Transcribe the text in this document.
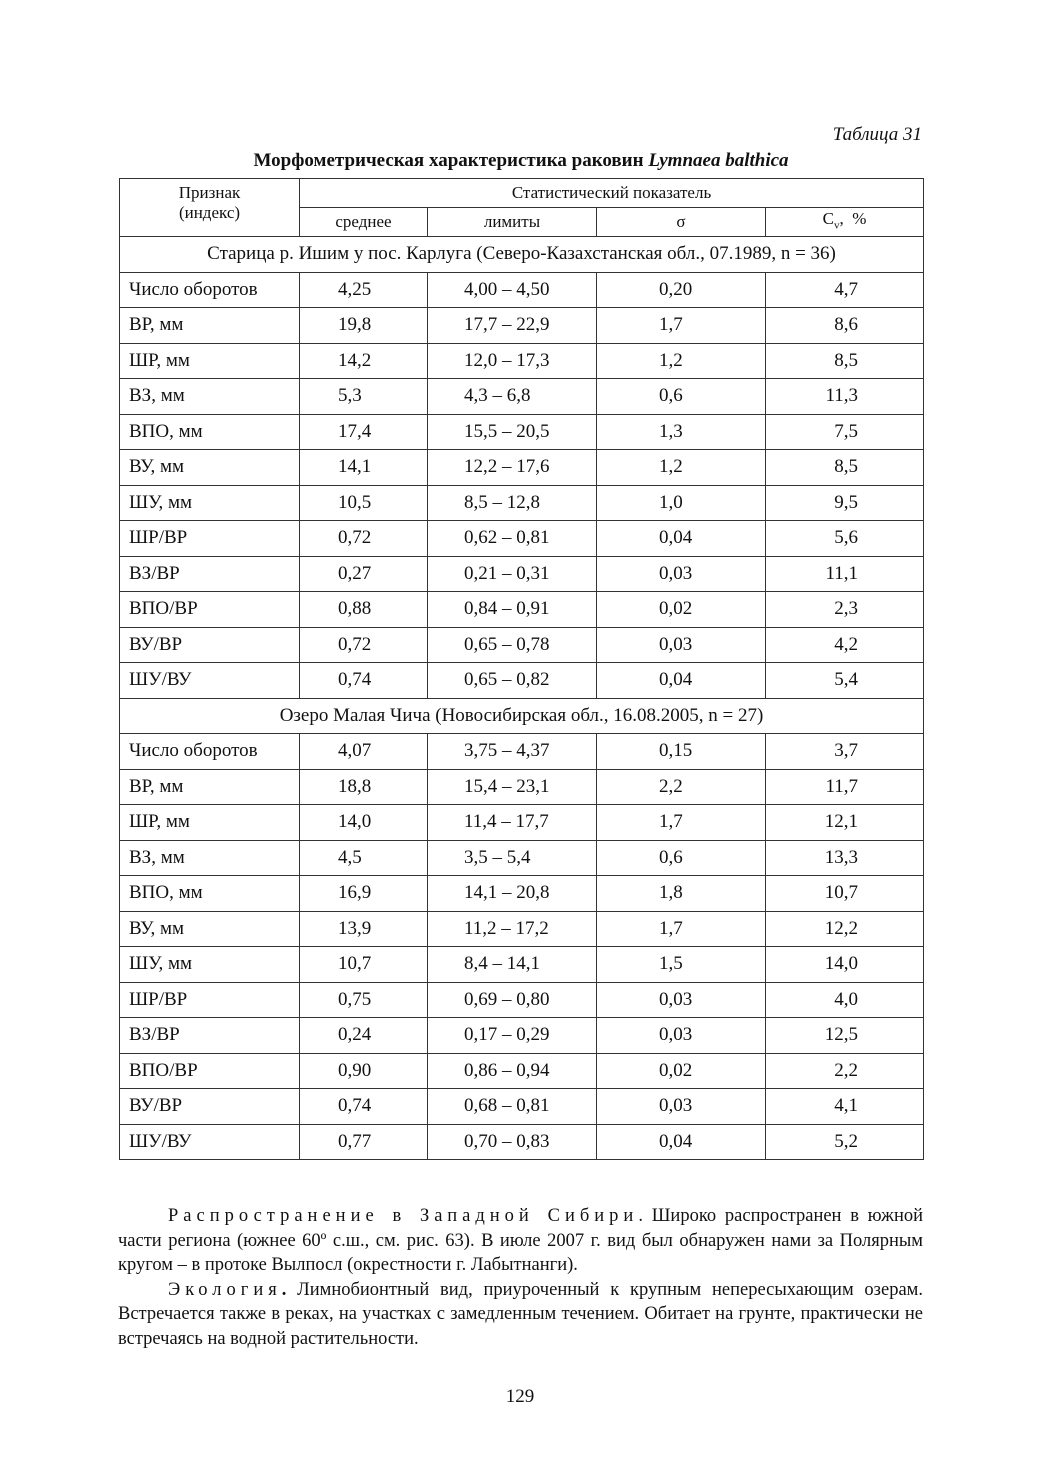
Таблица 31
Морфометрическая характеристика раковин Lymnaea balthica
Признак
(индекс)	Статистический показатель			
	среднее	лимиты	σ	$C_v$,  %
Старица р. Ишим у пос. Карлуга (Северо-Казахстанская обл., 07.1989, n = 36)				
Число оборотов	4,25	4,00 – 4,50	0,20	4,7
ВР, мм	19,8	17,7 – 22,9	1,7	8,6
ШР, мм	14,2	12,0 – 17,3	1,2	8,5
ВЗ, мм	5,3	4,3 – 6,8	0,6	11,3
ВПО, мм	17,4	15,5 – 20,5	1,3	7,5
ВУ, мм	14,1	12,2 – 17,6	1,2	8,5
ШУ, мм	10,5	8,5 – 12,8	1,0	9,5
ШР/ВР	0,72	0,62 – 0,81	0,04	5,6
ВЗ/ВР	0,27	0,21 – 0,31	0,03	11,1
ВПО/ВР	0,88	0,84 – 0,91	0,02	2,3
ВУ/ВР	0,72	0,65 – 0,78	0,03	4,2
ШУ/ВУ	0,74	0,65 – 0,82	0,04	5,4
Озеро Малая Чича (Новосибирская обл., 16.08.2005, n = 27)				
Число оборотов	4,07	3,75 – 4,37	0,15	3,7
ВР, мм	18,8	15,4 – 23,1	2,2	11,7
ШР, мм	14,0	11,4 – 17,7	1,7	12,1
ВЗ, мм	4,5	3,5 – 5,4	0,6	13,3
ВПО, мм	16,9	14,1 – 20,8	1,8	10,7
ВУ, мм	13,9	11,2 – 17,2	1,7	12,2
ШУ, мм	10,7	8,4 – 14,1	1,5	14,0
ШР/ВР	0,75	0,69 – 0,80	0,03	4,0
ВЗ/ВР	0,24	0,17 – 0,29	0,03	12,5
ВПО/ВР	0,90	0,86 – 0,94	0,02	2,2
ВУ/ВР	0,74	0,68 – 0,81	0,03	4,1
ШУ/ВУ	0,77	0,70 – 0,83	0,04	5,2

Распространение в Западной Сибири. Широко распространен в южной части региона (южнее 60º с.ш., см. рис. 63). В июле 2007 г. вид был обнаружен нами за Полярным кругом – в протоке Вылпосл (окрестности г. Лабытнанги).

Экология. Лимнобионтный вид, приуроченный к крупным непересыхающим озерам. Встречается также в реках, на участках с замедленным течением. Обитает на грунте, практически не встречаясь на водной растительности.

129
